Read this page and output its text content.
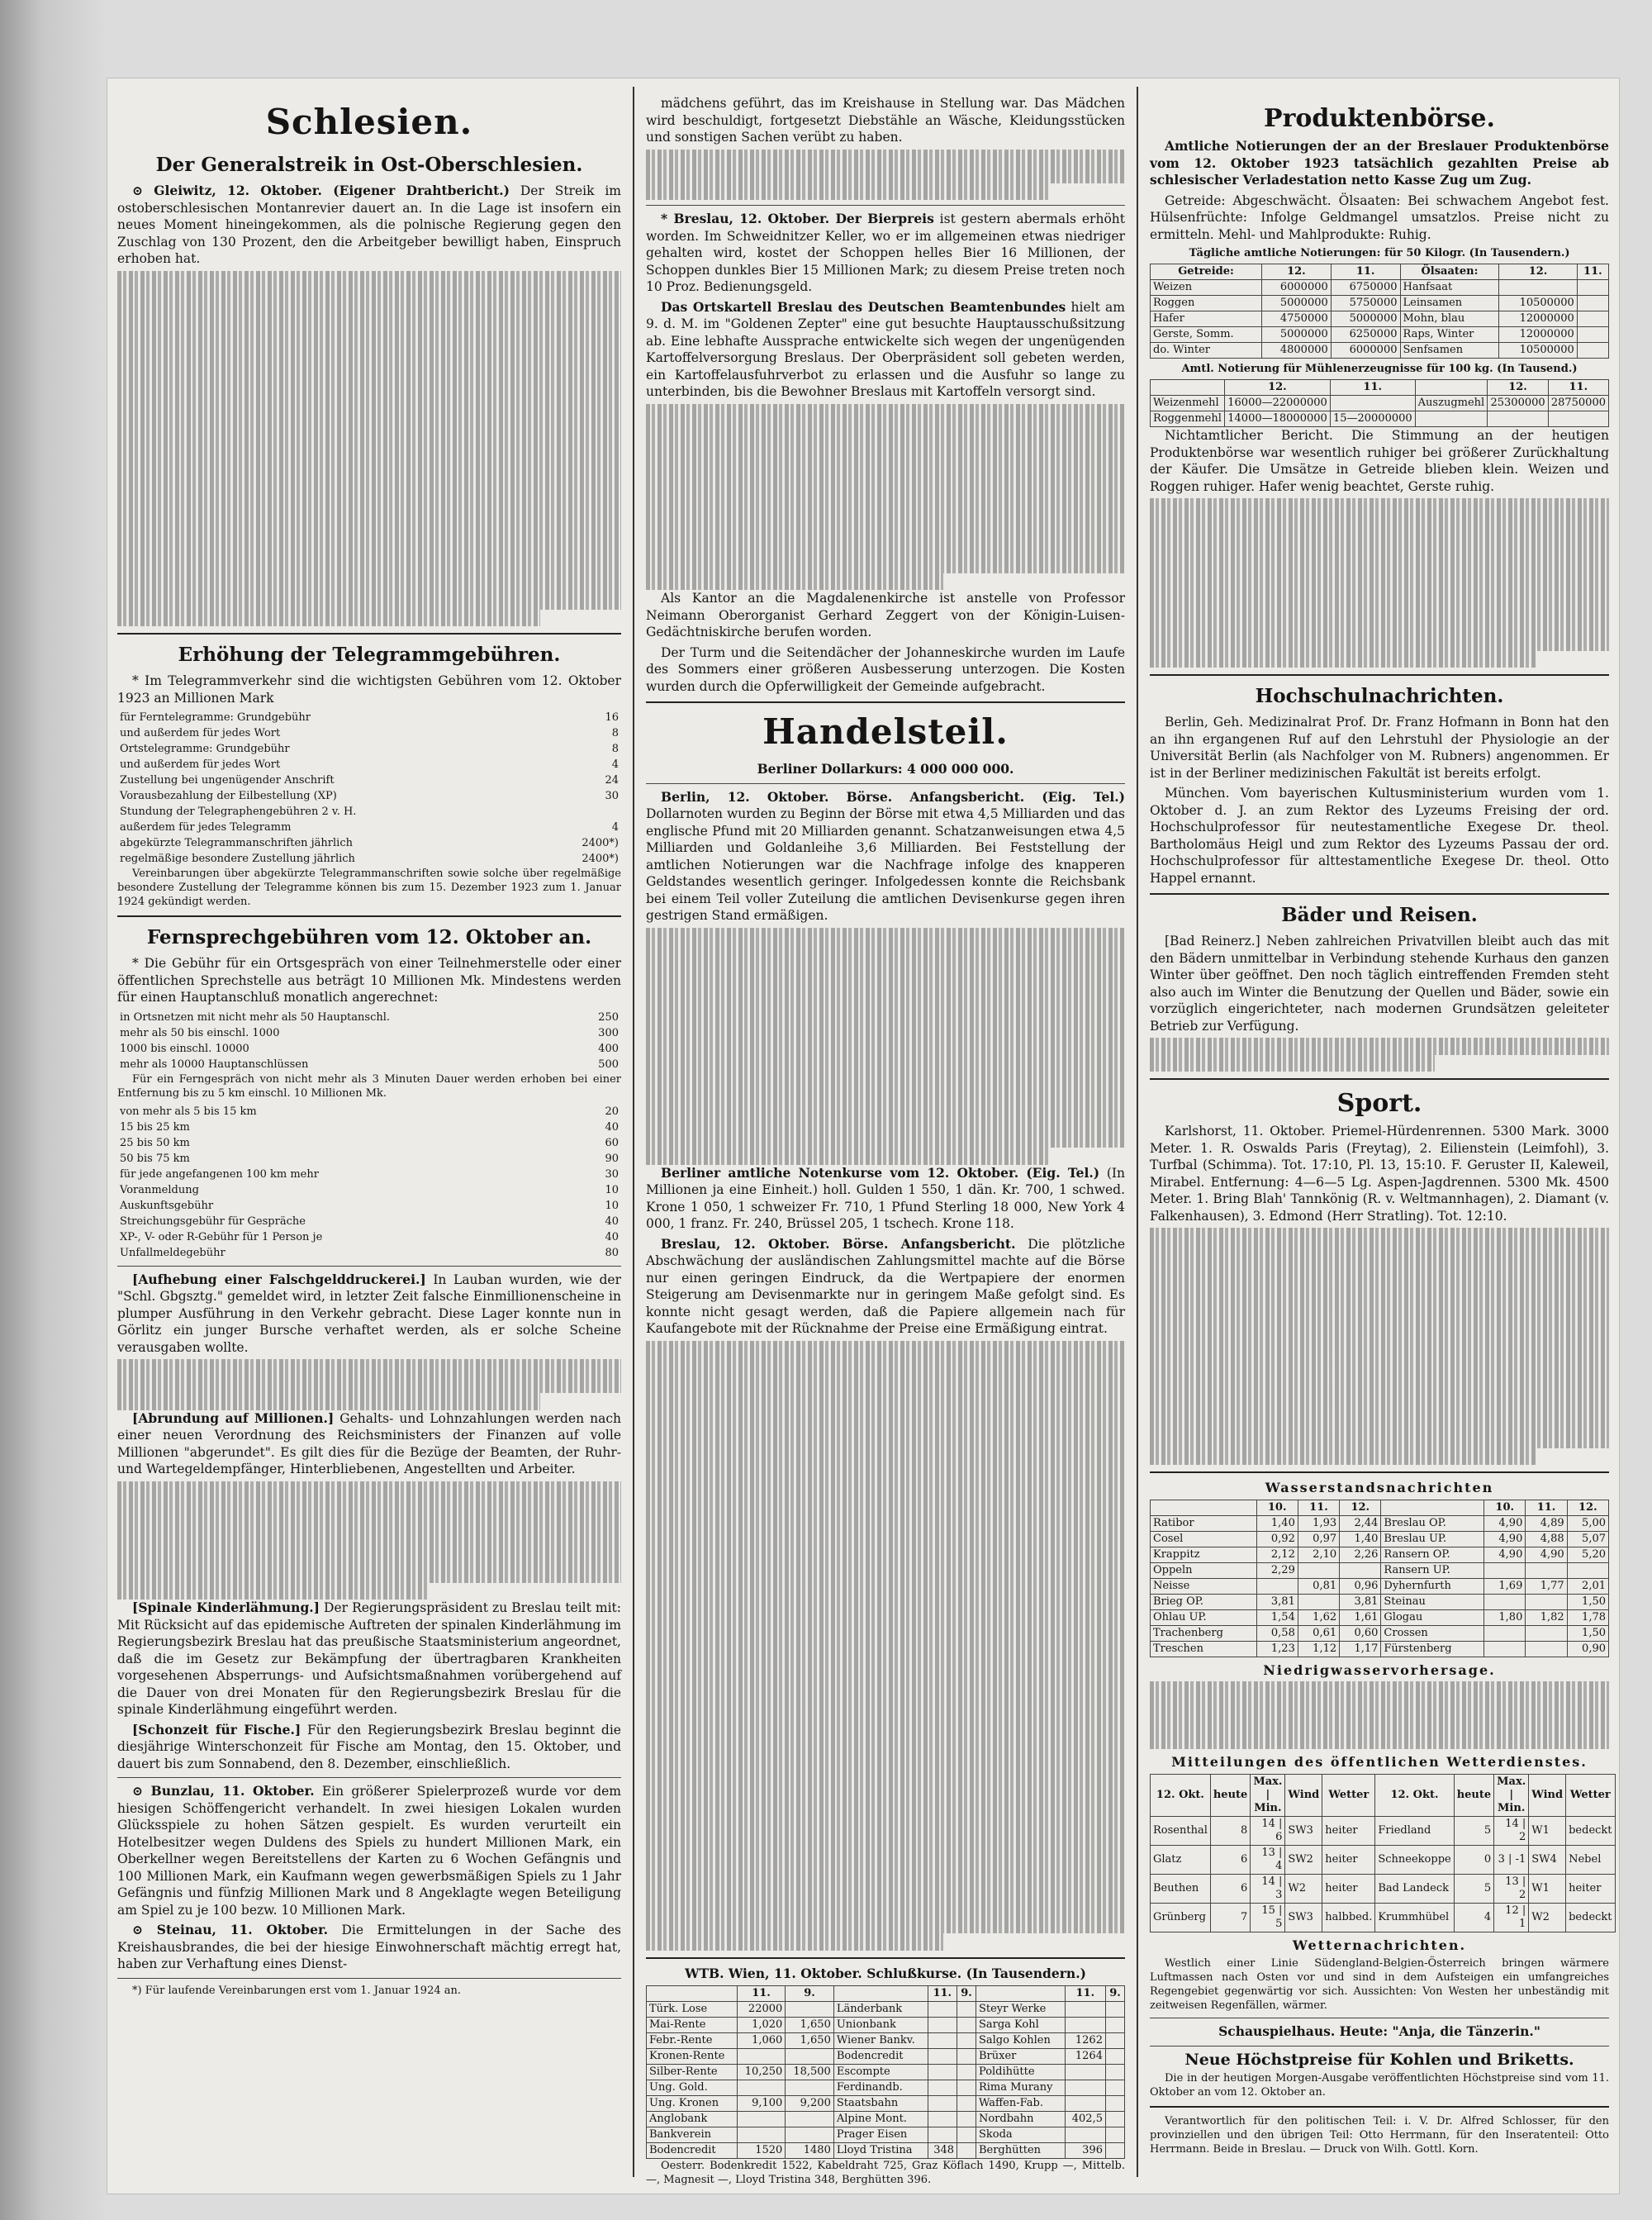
Schlesien.
Der Generalstreik in Ost-Oberschlesien.

⊙ Gleiwitz, 12. Oktober. (Eigener Drahtbericht.) Der Streik im ostoberschlesischen Montanrevier dauert an. In die Lage ist insofern ein neues Moment hineingekommen, als die polnische Regierung gegen den Zuschlag von 130 Prozent, den die Arbeitgeber bewilligt haben, Einspruch erhoben hat.

Erhöhung der Telegrammgebühren.

* Im Telegrammverkehr sind die wichtigsten Gebühren vom 12. Oktober 1923 an Millionen Mark

für Ferntelegramme: Grundgebühr	16
und außerdem für jedes Wort	8
Ortstelegramme: Grundgebühr	8
und außerdem für jedes Wort	4
Zustellung bei ungenügender Anschrift	24
Vorausbezahlung der Eilbestellung (XP)	30
Stundung der Telegraphengebühren 2 v. H.	
außerdem für jedes Telegramm	4
abgekürzte Telegrammanschriften jährlich	2400*)
regelmäßige besondere Zustellung jährlich	2400*)

Vereinbarungen über abgekürzte Telegrammanschriften sowie solche über regelmäßige besondere Zustellung der Telegramme können bis zum 15. Dezember 1923 zum 1. Januar 1924 gekündigt werden.

Fernsprechgebühren vom 12. Oktober an.

* Die Gebühr für ein Ortsgespräch von einer Teilnehmerstelle oder einer öffentlichen Sprechstelle aus beträgt 10 Millionen Mk. Mindestens werden für einen Hauptanschluß monatlich angerechnet:

in Ortsnetzen mit nicht mehr als 50 Hauptanschl.	250
mehr als 50 bis einschl. 1000	300
1000 bis einschl. 10000	400
mehr als 10000 Hauptanschlüssen	500

Für ein Ferngespräch von nicht mehr als 3 Minuten Dauer werden erhoben bei einer Entfernung bis zu 5 km einschl. 10 Millionen Mk.

von mehr als 5 bis 15 km	20
15 bis 25 km	40
25 bis 50 km	60
50 bis 75 km	90
für jede angefangenen 100 km mehr	30
Voranmeldung	10
Auskunftsgebühr	10
Streichungsgebühr für Gespräche	40
XP-, V- oder R-Gebühr für 1 Person je	40
Unfallmeldegebühr	80

[Aufhebung einer Falschgelddruckerei.] In Lauban wurden, wie der "Schl. Gbgsztg." gemeldet wird, in letzter Zeit falsche Einmillionenscheine in plumper Ausführung in den Verkehr gebracht. Diese Lager konnte nun in Görlitz ein junger Bursche verhaftet werden, als er solche Scheine verausgaben wollte.

[Abrundung auf Millionen.] Gehalts- und Lohnzahlungen werden nach einer neuen Verordnung des Reichsministers der Finanzen auf volle Millionen "abgerundet". Es gilt dies für die Bezüge der Beamten, der Ruhr- und Wartegeldempfänger, Hinterbliebenen, Angestellten und Arbeiter.

[Spinale Kinderlähmung.] Der Regierungspräsident zu Breslau teilt mit: Mit Rücksicht auf das epidemische Auftreten der spinalen Kinderlähmung im Regierungsbezirk Breslau hat das preußische Staatsministerium angeordnet, daß die im Gesetz zur Bekämpfung der übertragbaren Krankheiten vorgesehenen Absperrungs- und Aufsichtsmaßnahmen vorübergehend auf die Dauer von drei Monaten für den Regierungsbezirk Breslau für die spinale Kinderlähmung eingeführt werden.

[Schonzeit für Fische.] Für den Regierungsbezirk Breslau beginnt die diesjährige Winterschonzeit für Fische am Montag, den 15. Oktober, und dauert bis zum Sonnabend, den 8. Dezember, einschließlich.

⊙ Bunzlau, 11. Oktober. Ein größerer Spielerprozeß wurde vor dem hiesigen Schöffengericht verhandelt. In zwei hiesigen Lokalen wurden Glücksspiele zu hohen Sätzen gespielt. Es wurden verurteilt ein Hotelbesitzer wegen Duldens des Spiels zu hundert Millionen Mark, ein Oberkellner wegen Bereitstellens der Karten zu 6 Wochen Gefängnis und 100 Millionen Mark, ein Kaufmann wegen gewerbsmäßigen Spiels zu 1 Jahr Gefängnis und fünfzig Millionen Mark und 8 Angeklagte wegen Beteiligung am Spiel zu je 100 bezw. 10 Millionen Mark.

⊙ Steinau, 11. Oktober. Die Ermittelungen in der Sache des Kreishausbrandes, die bei der hiesige Einwohnerschaft mächtig erregt hat, haben zur Verhaftung eines Dienst-

*) Für laufende Vereinbarungen erst vom 1. Januar 1924 an.

mädchens geführt, das im Kreishause in Stellung war. Das Mädchen wird beschuldigt, fortgesetzt Diebstähle an Wäsche, Kleidungsstücken und sonstigen Sachen verübt zu haben.

* Breslau, 12. Oktober. Der Bierpreis ist gestern abermals erhöht worden. Im Schweidnitzer Keller, wo er im allgemeinen etwas niedriger gehalten wird, kostet der Schoppen helles Bier 16 Millionen, der Schoppen dunkles Bier 15 Millionen Mark; zu diesem Preise treten noch 10 Proz. Bedienungsgeld.

Das Ortskartell Breslau des Deutschen Beamtenbundes hielt am 9. d. M. im "Goldenen Zepter" eine gut besuchte Hauptausschußsitzung ab. Eine lebhafte Aussprache entwickelte sich wegen der ungenügenden Kartoffelversorgung Breslaus. Der Oberpräsident soll gebeten werden, ein Kartoffelausfuhrverbot zu erlassen und die Ausfuhr so lange zu unterbinden, bis die Bewohner Breslaus mit Kartoffeln versorgt sind.

Als Kantor an die Magdalenenkirche ist anstelle von Professor Neimann Oberorganist Gerhard Zeggert von der Königin-Luisen-Gedächtniskirche berufen worden.

Der Turm und die Seitendächer der Johanneskirche wurden im Laufe des Sommers einer größeren Ausbesserung unterzogen. Die Kosten wurden durch die Opferwilligkeit der Gemeinde aufgebracht.

Handelsteil.
Berliner Dollarkurs: 4 000 000 000.

Berlin, 12. Oktober. Börse. Anfangsbericht. (Eig. Tel.) Dollarnoten wurden zu Beginn der Börse mit etwa 4,5 Milliarden und das englische Pfund mit 20 Milliarden genannt. Schatzanweisungen etwa 4,5 Milliarden und Goldanleihe 3,6 Milliarden. Bei Feststellung der amtlichen Notierungen war die Nachfrage infolge des knapperen Geldstandes wesentlich geringer. Infolgedessen konnte die Reichsbank bei einem Teil voller Zuteilung die amtlichen Devisenkurse gegen ihren gestrigen Stand ermäßigen.

Berliner amtliche Notenkurse vom 12. Oktober. (Eig. Tel.) (In Millionen ja eine Einheit.) holl. Gulden 1 550, 1 dän. Kr. 700, 1 schwed. Krone 1 050, 1 schweizer Fr. 710, 1 Pfund Sterling 18 000, New York 4 000, 1 franz. Fr. 240, Brüssel 205, 1 tschech. Krone 118.

Breslau, 12. Oktober. Börse. Anfangsbericht. Die plötzliche Abschwächung der ausländischen Zahlungsmittel machte auf die Börse nur einen geringen Eindruck, da die Wertpapiere der enormen Steigerung am Devisenmarkte nur in geringem Maße gefolgt sind. Es konnte nicht gesagt werden, daß die Papiere allgemein nach für Kaufangebote mit der Rücknahme der Preise eine Ermäßigung eintrat.

WTB. Wien, 11. Oktober. Schlußkurse. (In Tausendern.)
	11.	9.		11.	9.		11.	9.
Türk. Lose	22000		Länderbank			Steyr Werke		
Mai-Rente	1,020	1,650	Unionbank			Sarga Kohl		
Febr.-Rente	1,060	1,650	Wiener Bankv.			Salgo Kohlen	1262	
Kronen-Rente			Bodencredit			Brüxer	1264	
Silber-Rente	10,250	18,500	Escompte			Poldihütte		
Ung. Gold.			Ferdinandb.			Rima Murany		
Ung. Kronen	9,100	9,200	Staatsbahn			Waffen-Fab.		
Anglobank			Alpine Mont.			Nordbahn	402,5	
Bankverein			Prager Eisen			Skoda		
Bodencredit	1520	1480	Lloyd Tristina	348		Berghütten	396	

Oesterr. Bodenkredit 1522, Kabeldraht 725, Graz Köflach 1490, Krupp —, Mittelb. —, Magnesit —, Lloyd Tristina 348, Berghütten 396.

Produktenbörse.

Amtliche Notierungen der an der Breslauer Produktenbörse vom 12. Oktober 1923 tatsächlich gezahlten Preise ab schlesischer Verladestation netto Kasse Zug um Zug.

Getreide: Abgeschwächt. Ölsaaten: Bei schwachem Angebot fest. Hülsenfrüchte: Infolge Geldmangel umsatzlos. Preise nicht zu ermitteln. Mehl- und Mahlprodukte: Ruhig.

Tägliche amtliche Notierungen: für 50 Kilogr. (In Tausendern.)
Getreide:	12.	11.	Ölsaaten:	12.	11.
Weizen	6000000	6750000	Hanfsaat		
Roggen	5000000	5750000	Leinsamen	10500000	
Hafer	4750000	5000000	Mohn, blau	12000000	
Gerste, Somm.	5000000	6250000	Raps, Winter	12000000	
do. Winter	4800000	6000000	Senfsamen	10500000	
Amtl. Notierung für Mühlenerzeugnisse für 100 kg. (In Tausend.)
	12.	11.		12.	11.
Weizenmehl	16000—22000000		Auszugmehl	25300000	28750000
Roggenmehl	14000—18000000	15—20000000			

Nichtamtlicher Bericht. Die Stimmung an der heutigen Produktenbörse war wesentlich ruhiger bei größerer Zurückhaltung der Käufer. Die Umsätze in Getreide blieben klein. Weizen und Roggen ruhiger. Hafer wenig beachtet, Gerste ruhig.

Hochschulnachrichten.

Berlin, Geh. Medizinalrat Prof. Dr. Franz Hofmann in Bonn hat den an ihn ergangenen Ruf auf den Lehrstuhl der Physiologie an der Universität Berlin (als Nachfolger von M. Rubners) angenommen. Er ist in der Berliner medizinischen Fakultät ist bereits erfolgt.

München. Vom bayerischen Kultusministerium wurden vom 1. Oktober d. J. an zum Rektor des Lyzeums Freising der ord. Hochschulprofessor für neutestamentliche Exegese Dr. theol. Bartholomäus Heigl und zum Rektor des Lyzeums Passau der ord. Hochschulprofessor für alttestamentliche Exegese Dr. theol. Otto Happel ernannt.

Bäder und Reisen.

[Bad Reinerz.] Neben zahlreichen Privatvillen bleibt auch das mit den Bädern unmittelbar in Verbindung stehende Kurhaus den ganzen Winter über geöffnet. Den noch täglich eintreffenden Fremden steht also auch im Winter die Benutzung der Quellen und Bäder, sowie ein vorzüglich eingerichteter, nach modernen Grundsätzen geleiteter Betrieb zur Verfügung.

Sport.

Karlshorst, 11. Oktober. Priemel-Hürdenrennen. 5300 Mark. 3000 Meter. 1. R. Oswalds Paris (Freytag), 2. Eilienstein (Leimfohl), 3. Turfbal (Schimma). Tot. 17:10, Pl. 13, 15:10. F. Geruster II, Kaleweil, Mirabel. Entfernung: 4—6—5 Lg. Aspen-Jagdrennen. 5300 Mk. 4500 Meter. 1. Bring Blah' Tannkönig (R. v. Weltmannhagen), 2. Diamant (v. Falkenhausen), 3. Edmond (Herr Stratling). Tot. 12:10.

Wasserstandsnachrichten
	10.	11.	12.		10.	11.	12.
Ratibor	1,40	1,93	2,44	Breslau OP.	4,90	4,89	5,00
Cosel	0,92	0,97	1,40	Breslau UP.	4,90	4,88	5,07
Krappitz	2,12	2,10	2,26	Ransern OP.	4,90	4,90	5,20
Oppeln	2,29			Ransern UP.			
Neisse		0,81	0,96	Dyhernfurth	1,69	1,77	2,01
Brieg OP.	3,81		3,81	Steinau			1,50
Ohlau UP.	1,54	1,62	1,61	Glogau	1,80	1,82	1,78
Trachenberg	0,58	0,61	0,60	Crossen			1,50
Treschen	1,23	1,12	1,17	Fürstenberg			0,90
Niedrigwasservorhersage.
Mitteilungen des öffentlichen Wetterdienstes.
12. Okt.	heute	Max. | Min.	Wind	Wetter	12. Okt.	heute	Max. | Min.	Wind	Wetter
Rosenthal	8	14 | 6	SW3	heiter	Friedland	5	14 | 2	W1	bedeckt
Glatz	6	13 | 4	SW2	heiter	Schneekoppe	0	3 | -1	SW4	Nebel
Beuthen	6	14 | 3	W2	heiter	Bad Landeck	5	13 | 2	W1	heiter
Grünberg	7	15 | 5	SW3	halbbed.	Krummhübel	4	12 | 1	W2	bedeckt
Wetternachrichten.

Westlich einer Linie Südengland-Belgien-Österreich bringen wärmere Luftmassen nach Osten vor und sind in dem Aufsteigen ein umfangreiches Regengebiet gegenwärtig vor sich. Aussichten: Von Westen her unbeständig mit zeitweisen Regenfällen, wärmer.

Schauspielhaus. Heute: "Anja, die Tänzerin."
Neue Höchstpreise für Kohlen und Briketts.

Die in der heutigen Morgen-Ausgabe veröffentlichten Höchstpreise sind vom 11. Oktober an vom 12. Oktober an.

Verantwortlich für den politischen Teil: i. V. Dr. Alfred Schlosser, für den provinziellen und den übrigen Teil: Otto Herrmann, für den Inseratenteil: Otto Herrmann. Beide in Breslau. — Druck von Wilh. Gottl. Korn.
